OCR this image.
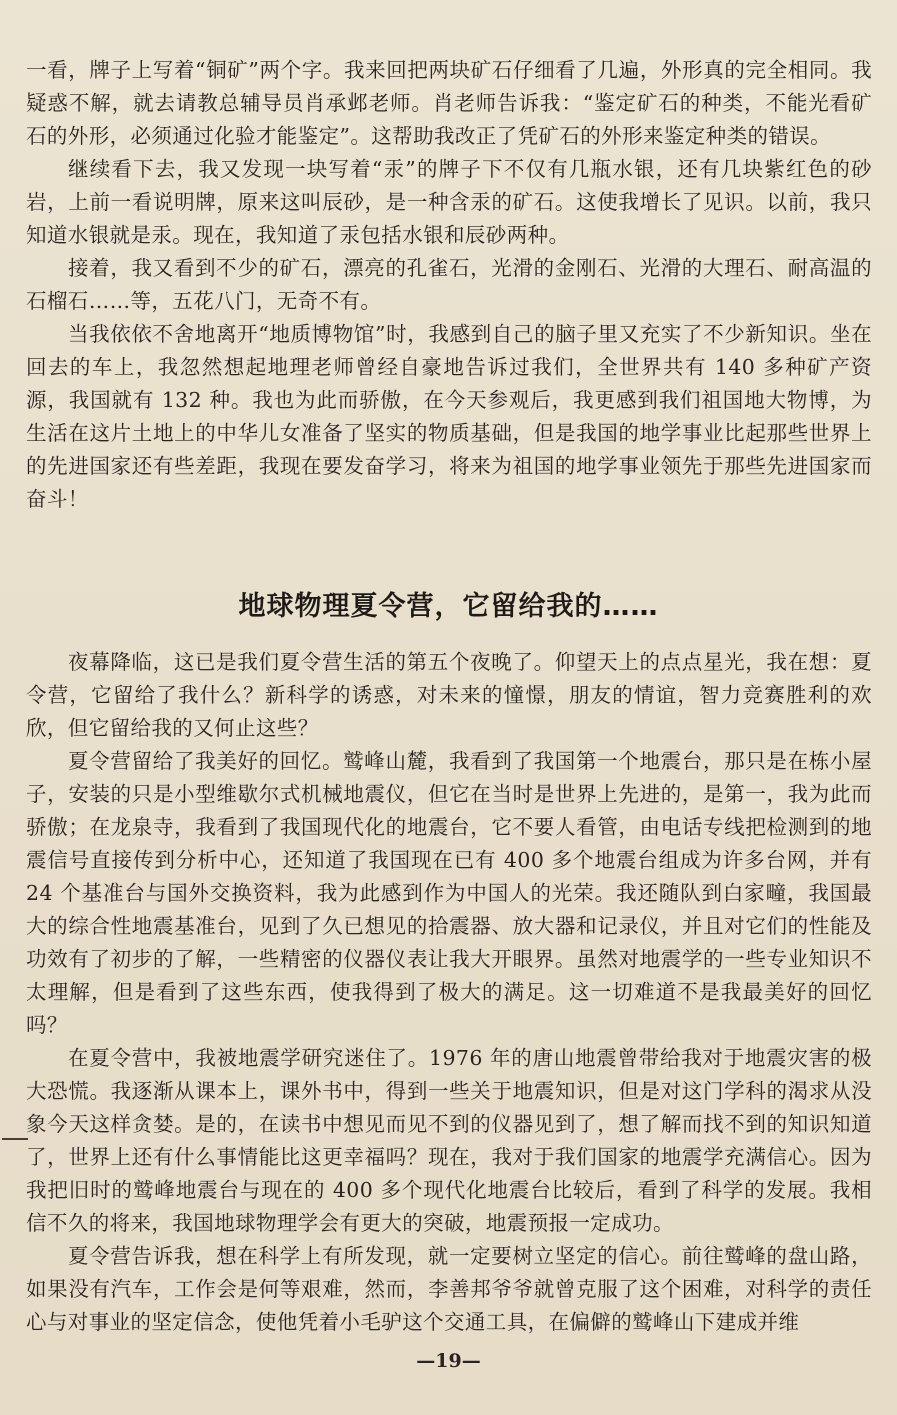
一看，牌子上写着“铜矿”两个字。我来回把两块矿石仔细看了几遍，外形真的完全相同。我疑惑不解，就去请教总辅导员肖承邺老师。肖老师告诉我：“鉴定矿石的种类，不能光看矿石的外形，必须通过化验才能鉴定”。这帮助我改正了凭矿石的外形来鉴定种类的错误。

继续看下去，我又发现一块写着“汞”的牌子下不仅有几瓶水银，还有几块紫红色的砂岩，上前一看说明牌，原来这叫辰砂，是一种含汞的矿石。这使我增长了见识。以前，我只知道水银就是汞。现在，我知道了汞包括水银和辰砂两种。

接着，我又看到不少的矿石，漂亮的孔雀石，光滑的金刚石、光滑的大理石、耐高温的石榴石……等，五花八门，无奇不有。

当我依依不舍地离开“地质博物馆”时，我感到自己的脑子里又充实了不少新知识。坐在回去的车上，我忽然想起地理老师曾经自豪地告诉过我们，全世界共有 140 多种矿产资源，我国就有 132 种。我也为此而骄傲，在今天参观后，我更感到我们祖国地大物博，为生活在这片土地上的中华儿女准备了坚实的物质基础，但是我国的地学事业比起那些世界上的先进国家还有些差距，我现在要发奋学习，将来为祖国的地学事业领先于那些先进国家而奋斗！

地球物理夏令营，它留给我的……

夜幕降临，这已是我们夏令营生活的第五个夜晚了。仰望天上的点点星光，我在想：夏令营，它留给了我什么？新科学的诱惑，对未来的憧憬，朋友的情谊，智力竞赛胜利的欢欣，但它留给我的又何止这些？

夏令营留给了我美好的回忆。鹫峰山麓，我看到了我国第一个地震台，那只是在栋小屋子，安装的只是小型维歇尔式机械地震仪，但它在当时是世界上先进的，是第一，我为此而骄傲；在龙泉寺，我看到了我国现代化的地震台，它不要人看管，由电话专线把检测到的地震信号直接传到分析中心，还知道了我国现在已有 400 多个地震台组成为许多台网，并有 24 个基准台与国外交换资料，我为此感到作为中国人的光荣。我还随队到白家疃，我国最大的综合性地震基准台，见到了久已想见的拾震器、放大器和记录仪，并且对它们的性能及功效有了初步的了解，一些精密的仪器仪表让我大开眼界。虽然对地震学的一些专业知识不太理解，但是看到了这些东西，使我得到了极大的满足。这一切难道不是我最美好的回忆吗？

在夏令营中，我被地震学研究迷住了。1976 年的唐山地震曾带给我对于地震灾害的极大恐慌。我逐渐从课本上，课外书中，得到一些关于地震知识，但是对这门学科的渴求从没象今天这样贪婪。是的，在读书中想见而见不到的仪器见到了，想了解而找不到的知识知道了，世界上还有什么事情能比这更幸福吗？现在，我对于我们国家的地震学充满信心。因为我把旧时的鹫峰地震台与现在的 400 多个现代化地震台比较后，看到了科学的发展。我相信不久的将来，我国地球物理学会有更大的突破，地震预报一定成功。

夏令营告诉我，想在科学上有所发现，就一定要树立坚定的信心。前往鹫峰的盘山路，如果没有汽车，工作会是何等艰难，然而，李善邦爷爷就曾克服了这个困难，对科学的责任心与对事业的坚定信念，使他凭着小毛驴这个交通工具，在偏僻的鹫峰山下建成并维

—19—
